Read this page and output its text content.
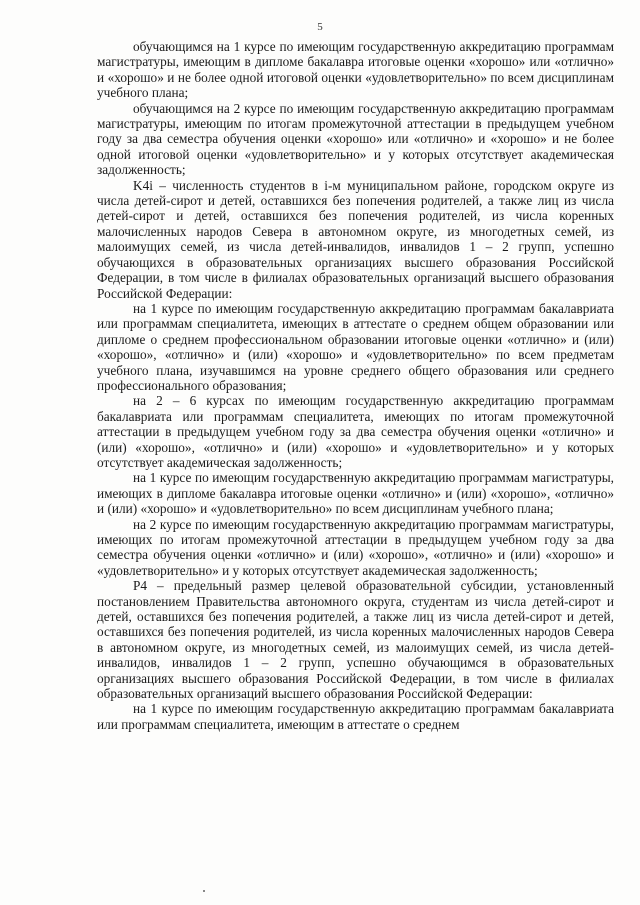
5

обучающимся на 1 курсе по имеющим государственную аккредитацию программам магистратуры, имеющим в дипломе бакалавра итоговые оценки «хорошо» или «отлично» и «хорошо» и не более одной итоговой оценки «удовлетворительно» по всем дисциплинам учебного плана;

обучающимся на 2 курсе по имеющим государственную аккредитацию программам магистратуры, имеющим по итогам промежуточной аттестации в предыдущем учебном году за два семестра обучения оценки «хорошо» или «отлично» и «хорошо» и не более одной итоговой оценки «удовлетворительно» и у которых отсутствует академическая задолженность;

K4i – численность студентов в i-м муниципальном районе, городском округе из числа детей-сирот и детей, оставшихся без попечения родителей, а также лиц из числа детей-сирот и детей, оставшихся без попечения родителей, из числа коренных малочисленных народов Севера в автономном округе, из многодетных семей, из малоимущих семей, из числа детей-инвалидов, инвалидов 1 – 2 групп, успешно обучающихся в образовательных организациях высшего образования Российской Федерации, в том числе в филиалах образовательных организаций высшего образования Российской Федерации:

на 1 курсе по имеющим государственную аккредитацию программам бакалавриата или программам специалитета, имеющих в аттестате о среднем общем образовании или дипломе о среднем профессиональном образовании итоговые оценки «отлично» и (или) «хорошо», «отлично» и (или) «хорошо» и «удовлетворительно» по всем предметам учебного плана, изучавшимся на уровне среднего общего образования или среднего профессионального образования;

на 2 – 6 курсах по имеющим государственную аккредитацию программам бакалавриата или программам специалитета, имеющих по итогам промежуточной аттестации в предыдущем учебном году за два семестра обучения оценки «отлично» и (или) «хорошо», «отлично» и (или) «хорошо» и «удовлетворительно» и у которых отсутствует академическая задолженность;

на 1 курсе по имеющим государственную аккредитацию программам магистратуры, имеющих в дипломе бакалавра итоговые оценки «отлично» и (или) «хорошо», «отлично» и (или) «хорошо» и «удовлетворительно» по всем дисциплинам учебного плана;

на 2 курсе по имеющим государственную аккредитацию программам магистратуры, имеющих по итогам промежуточной аттестации в предыдущем учебном году за два семестра обучения оценки «отлично» и (или) «хорошо», «отлично» и (или) «хорошо» и «удовлетворительно» и у которых отсутствует академическая задолженность;

P4 – предельный размер целевой образовательной субсидии, установленный постановлением Правительства автономного округа, студентам из числа детей-сирот и детей, оставшихся без попечения родителей, а также лиц из числа детей-сирот и детей, оставшихся без попечения родителей, из числа коренных малочисленных народов Севера в автономном округе, из многодетных семей, из малоимущих семей, из числа детей-инвалидов, инвалидов 1 – 2 групп, успешно обучающимся в образовательных организациях высшего образования Российской Федерации, в том числе в филиалах образовательных организаций высшего образования Российской Федерации:

на 1 курсе по имеющим государственную аккредитацию программам бакалавриата или программам специалитета, имеющим в аттестате о среднем
